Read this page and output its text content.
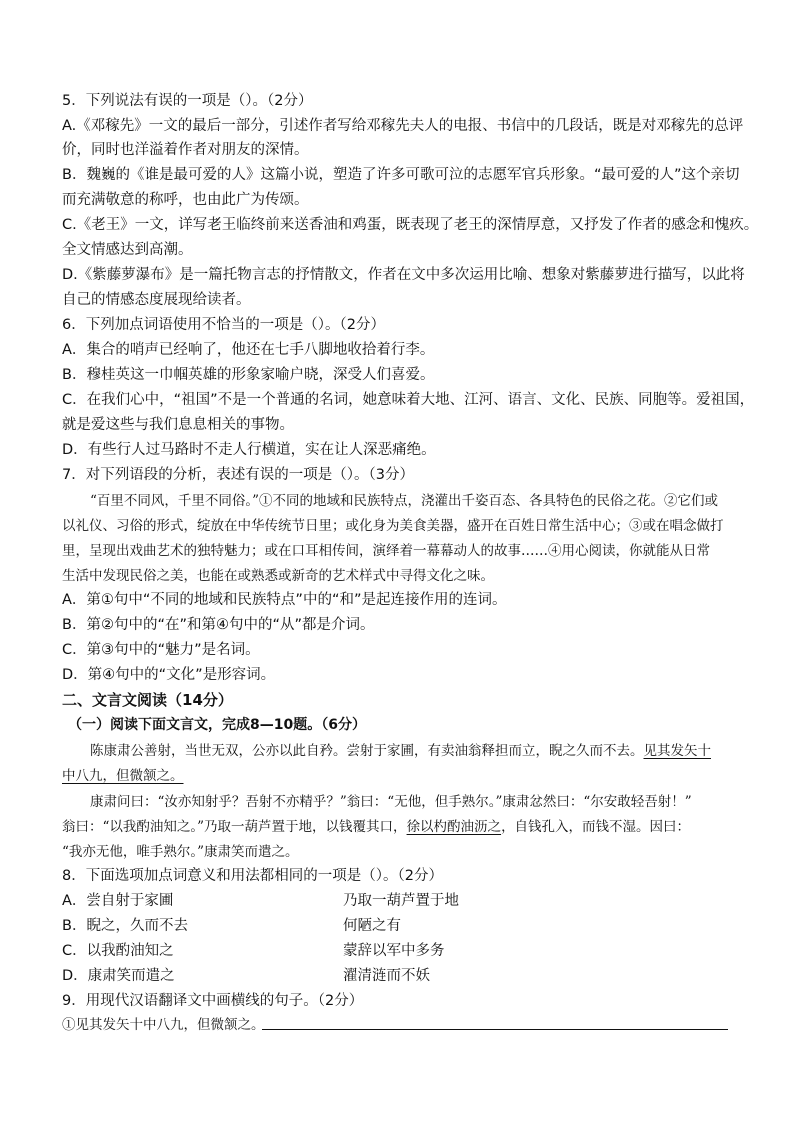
5．下列说法有误的一项是（）。（2分）
A.《邓稼先》一文的最后一部分，引述作者写给邓稼先夫人的电报、书信中的几段话，既是对邓稼先的总评
价，同时也洋溢着作者对朋友的深情。
B．魏巍的《谁是最可爱的人》这篇小说，塑造了许多可歌可泣的志愿军官兵形象。“最可爱的人”这个亲切
而充满敬意的称呼，也由此广为传颂。
C.《老王》一文，详写老王临终前来送香油和鸡蛋，既表现了老王的深情厚意，又抒发了作者的感念和愧疚。
全文情感达到高潮。
D.《紫藤萝瀑布》是一篇托物言志的抒情散文，作者在文中多次运用比喻、想象对紫藤萝进行描写，以此将
自己的情感态度展现给读者。
6．下列加点词语使用不恰当的一项是（）。（2分）
A．集合的哨声已经响了，他还在七手八脚地收拾着行李。
B．穆桂英这一巾帼英雄的形象家喻户晓，深受人们喜爱。
C．在我们心中，“祖国”不是一个普通的名词，她意味着大地、江河、语言、文化、民族、同胞等。爱祖国，
就是爱这些与我们息息相关的事物。
D．有些行人过马路时不走人行横道，实在让人深恶痛绝。
7．对下列语段的分析，表述有误的一项是（）。（3分）
“百里不同风，千里不同俗。”①不同的地域和民族特点，浇灌出千姿百态、各具特色的民俗之花。②它们或
以礼仪、习俗的形式，绽放在中华传统节日里；或化身为美食美器，盛开在百姓日常生活中心；③或在唱念做打
里，呈现出戏曲艺术的独特魅力；或在口耳相传间，演绎着一幕幕动人的故事……④用心阅读，你就能从日常
生活中发现民俗之美，也能在或熟悉或新奇的艺术样式中寻得文化之味。
A．第①句中“不同的地域和民族特点”中的“和”是起连接作用的连词。
B．第②句中的“在”和第④句中的“从”都是介词。
C．第③句中的“魅力”是名词。
D．第④句中的“文化”是形容词。
二、文言文阅读（14分）
（一）阅读下面文言文，完成8—10题。（6分）
陈康肃公善射，当世无双，公亦以此自矜。尝射于家圃，有卖油翁释担而立，睨之久而不去。见其发矢十
中八九，但微颔之。
康肃问曰：“汝亦知射乎？吾射不亦精乎？”翁曰：“无他，但手熟尔。”康肃忿然曰：“尔安敢轻吾射！”
翁曰：“以我酌油知之。”乃取一葫芦置于地，以钱覆其口，徐以杓酌油沥之，自钱孔入，而钱不湿。因曰：
“我亦无他，唯手熟尔。”康肃笑而遣之。
8．下面选项加点词意义和用法都相同的一项是（）。（2分）
A．尝自射于家圃	乃取一葫芦置于地
B．睨之，久而不去	何陋之有
C．以我酌油知之	蒙辞以军中多务
D．康肃笑而遣之	濯清涟而不妖
9．用现代汉语翻译文中画横线的句子。（2分）
①见其发矢十中八九，但微颔之。
